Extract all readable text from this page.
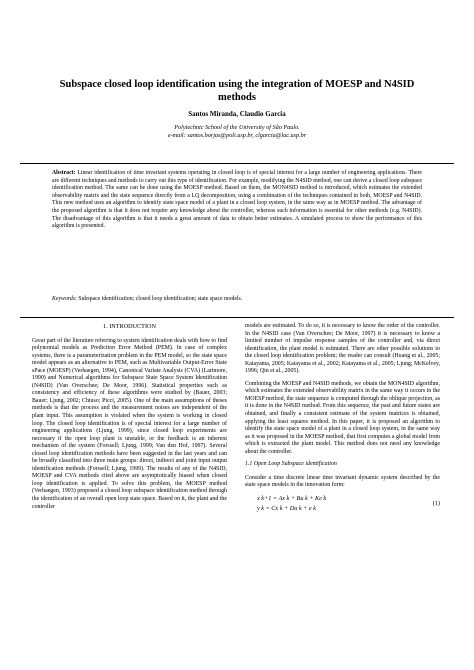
Subspace closed loop identification using the integration of MOESP and N4SID methods
Santos Miranda, Claudio Garcia
Polytechnic School of the University of São Paulo.
e-mail: santos.borjas@poli.usp.br, clgarcia@lac.usp.br
Abstract: Linear identification of time invariant systems operating in closed loop is of special interest for a large number of engineering applications. There are different techniques and methods to carry out this type of identification. For example, modifying the N4SID method, one can derive a closed loop subspace identification method. The same can be done using the MOESP method. Based on them, the MON4SID method is introduced, which estimates the extended observability matrix and the state sequence directly from a LQ decomposition, using a combination of the techniques contained in both, MOESP and N4SID. This new method uses an algorithm to identify state space model of a plant in a closed loop system, in the same way as in MOESP method. The advantage of the proposed algorithm is that it does not require any knowledge about the controller, whereas such information is essential for other methods (e.g. N4SID). The disadvantage of this algorithm is that it needs a great amount of data to obtain better estimates. A simulated process to show the performance of this algorithm is presented.
Keywords: Subspace identification; closed loop identification; state space models.
1. INTRODUCTION

Great part of the literature referring to system identification deals with how to find polynomial models as Prediction Error Method (PEM). In case of complex systems, there is a parameterization problem in the PEM model, so the state space model appears as an alternative to PEM, such as Multivariable Output-Error State sPace (MOESP) (Verhaegen, 1994), Canonical Variate Analysis (CVA) (Larimore, 1990) and Numerical algorithms for Subspace State Space System Identification (N4SID) (Van Overschee; De Moor, 1996). Statistical properties such as consistency and efficiency of these algorithms were studied by (Bauer, 2003; Bauer; Ljung, 2002; Chiuso; Picci, 2005). One of the main assumptions of theses methods is that the process and the measurement noises are independent of the plant input. This assumption is violated when the system is working in closed loop. The closed loop identification is of special interest for a large number of engineering applications (Ljung, 1999), since closed loop experiments are necessary if the open loop plant is unstable, or the feedback is an inherent mechanism of the system (Forssell; Ljung, 1999; Van den Hof, 1997). Several closed loop identification methods have been suggested in the last years and can be broadly classified into three main groups: direct, indirect and joint input output identification methods (Forssell; Ljung, 1999). The results of any of the N4SID, MOESP and CVA methods cited above are asymptotically biased when closed loop identification is applied. To solve this problem, the MOESP method (Verhaegen, 1993) proposed a closed loop subspace identification method through the identification of an overall open loop state space. Based on it, the plant and the controller

models are estimated. To do so, it is necessary to know the order of the controller. In the N4SID case (Van Overschee; De Moor, 1997) it is necessary to know a limited number of impulse response samples of the controller and, via direct identification, the plant model is estimated. There are other possible solutions to the closed loop identification problem; the reader can consult (Huang et al., 2005; Katayama, 2005; Katayama et al., 2002; Katayama et al., 2005; Ljung; McKelvey, 1996; Qin et al., 2005).

Combining the MOESP and N4SID methods, we obtain the MON4SID algorithm, which estimates the extended observability matrix in the same way it occurs in the MOESP method, the state sequence is computed through the oblique projection, as it is done in the N4SID method. From this sequence, the past and future states are obtained, and finally a consistent estimate of the system matrices is obtained, applying the least squares method. In this paper, it is proposed an algorithm to identify the state space model of a plant in a closed loop system, in the same way as it was proposed in the MOESP method, that first computes a global model from which is extracted the plant model. This method does not need any knowledge about the controller.

1.1 Open Loop Subspace identification

Consider a time discrete linear time invariant dynamic system described by the state space models in the innovation form:

x k+1 = Ax k + Bu k + Ke k
y k = Cx k + Du k + e k
(1)
